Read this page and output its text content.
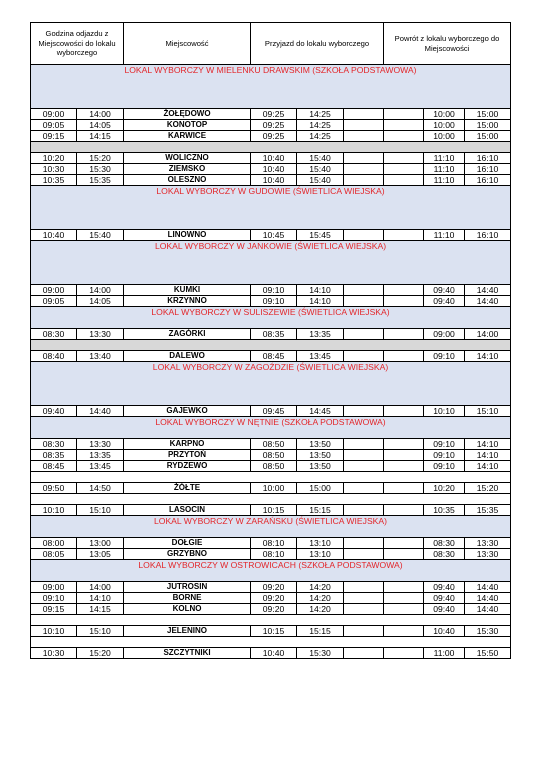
Godzina odjazdu z Miejscowości do lokalu wyborczego		Miejscowość	Przyjazd do lokalu wyborczego			Powrót z lokalu wyborczego do Miejscowości		
LOKAL WYBORCZY W MIELENKU DRAWSKIM (SZKOŁA PODSTAWOWA)								

09:00	14:00	ŻOŁĘDOWO	09:25	14:25			10:00	15:00
09:05	14:05	KONOTOP	09:25	14:25			10:00	15:00
09:15	14:15	KARWICE	09:25	14:25			10:00	15:00

10:20	15:20	WOLICZNO	10:40	15:40			11:10	16:10
10:30	15:30	ZIEMSKO	10:40	15:40			11:10	16:10
10:35	15:35	OLESZNO	10:40	15:40			11:10	16:10
LOKAL WYBORCZY W GUDOWIE (ŚWIETLICA WIEJSKA)								

10:40	15:40	LINOWNO	10:45	15:45			11:10	16:10
LOKAL WYBORCZY W JANKOWIE (ŚWIETLICA WIEJSKA)								

09:00	14:00	KUMKI	09:10	14:10			09:40	14:40
09:05	14:05	KRZYNNO	09:10	14:10			09:40	14:40
LOKAL WYBORCZY W SULISZEWIE (ŚWIETLICA WIEJSKA)								

08:30	13:30	ZAGÓRKI	08:35	13:35			09:00	14:00

08:40	13:40	DALEWO	08:45	13:45			09:10	14:10
LOKAL WYBORCZY W ZAGOŹDZIE (ŚWIETLICA WIEJSKA)								

09:40	14:40	GAJEWKO	09:45	14:45			10:10	15:10
LOKAL WYBORCZY W NĘTNIE (SZKOŁA PODSTAWOWA)								

08:30	13:30	KARPNO	08:50	13:50			09:10	14:10
08:35	13:35	PRZYTOŃ	08:50	13:50			09:10	14:10
08:45	13:45	RYDZEWO	08:50	13:50			09:10	14:10

09:50	14:50	ŻÓŁTE	10:00	15:00			10:20	15:20

10:10	15:10	LASOCIN	10:15	15:15			10:35	15:35
LOKAL WYBORCZY W ZARAŃSKU (ŚWIETLICA WIEJSKA)								

08:00	13:00	DOŁGIE	08:10	13:10			08:30	13:30
08:05	13:05	GRZYBNO	08:10	13:10			08:30	13:30
LOKAL WYBORCZY W OSTROWICACH (SZKOŁA PODSTAWOWA)								

09:00	14:00	JUTROSIN	09:20	14:20			09:40	14:40
09:10	14:10	BORNE	09:20	14:20			09:40	14:40
09:15	14:15	KOLNO	09:20	14:20			09:40	14:40

10:10	15:10	JELENINO	10:15	15:15			10:40	15:30

10:30	15:20	SZCZYTNIKI	10:40	15:30			11:00	15:50
